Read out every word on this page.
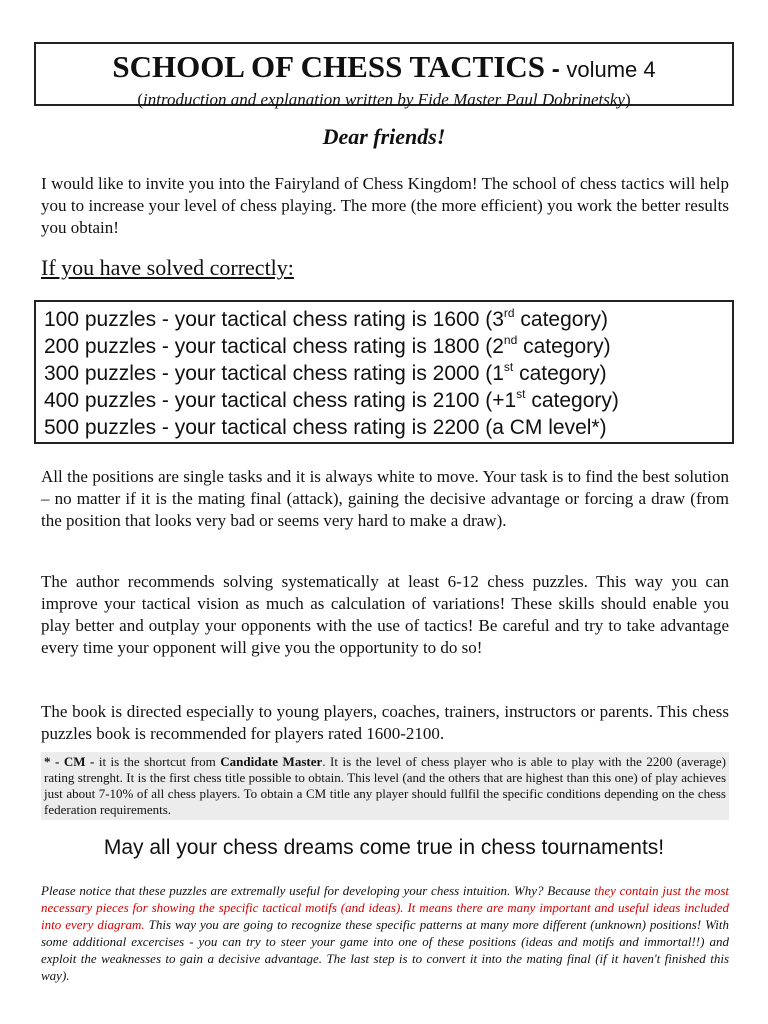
SCHOOL OF CHESS TACTICS - volume 4
(introduction and explanation written by Fide Master Paul Dobrinetsky)
Dear friends!

I would like to invite you into the Fairyland of Chess Kingdom! The school of chess tactics will help you to increase your level of chess playing. The more (the more efficient) you work the better results you obtain!

If you have solved correctly:

100 puzzles - your tactical chess rating is 1600 (3rd category)
200 puzzles - your tactical chess rating is 1800 (2nd category)
300 puzzles - your tactical chess rating is 2000 (1st category)
400 puzzles - your tactical chess rating is 2100 (+1st category)
500 puzzles - your tactical chess rating is 2200 (a CM level*)

All the positions are single tasks and it is always white to move. Your task is to find the best solution – no matter if it is the mating final (attack), gaining the decisive advantage or forcing a draw (from the position that looks very bad or seems very hard to make a draw).

The author recommends solving systematically at least 6-12 chess puzzles. This way you can improve your tactical vision as much as calculation of variations! These skills should enable you play better and outplay your opponents with the use of tactics! Be careful and try to take advantage every time your opponent will give you the opportunity to do so!

The book is directed especially to young players, coaches, trainers, instructors or parents. This chess puzzles book is recommended for players rated 1600-2100.

* - CM - it is the shortcut from Candidate Master. It is the level of chess player who is able to play with the 2200 (average) rating strenght. It is the first chess title possible to obtain. This level (and the others that are highest than this one) of play achieves just about 7-10% of all chess players. To obtain a CM title any player should fullfil the specific conditions depending on the chess federation requirements.

May all your chess dreams come true in chess tournaments!

Please notice that these puzzles are extremally useful for developing your chess intuition. Why? Because they contain just the most necessary pieces for showing the specific tactical motifs (and ideas). It means there are many important and useful ideas included into every diagram. This way you are going to recognize these specific patterns at many more different (unknown) positions! With some additional excercises - you can try to steer your game into one of these positions (ideas and motifs and immortal!!) and exploit the weaknesses to gain a decisive advantage. The last step is to convert it into the mating final (if it haven't finished this way).
